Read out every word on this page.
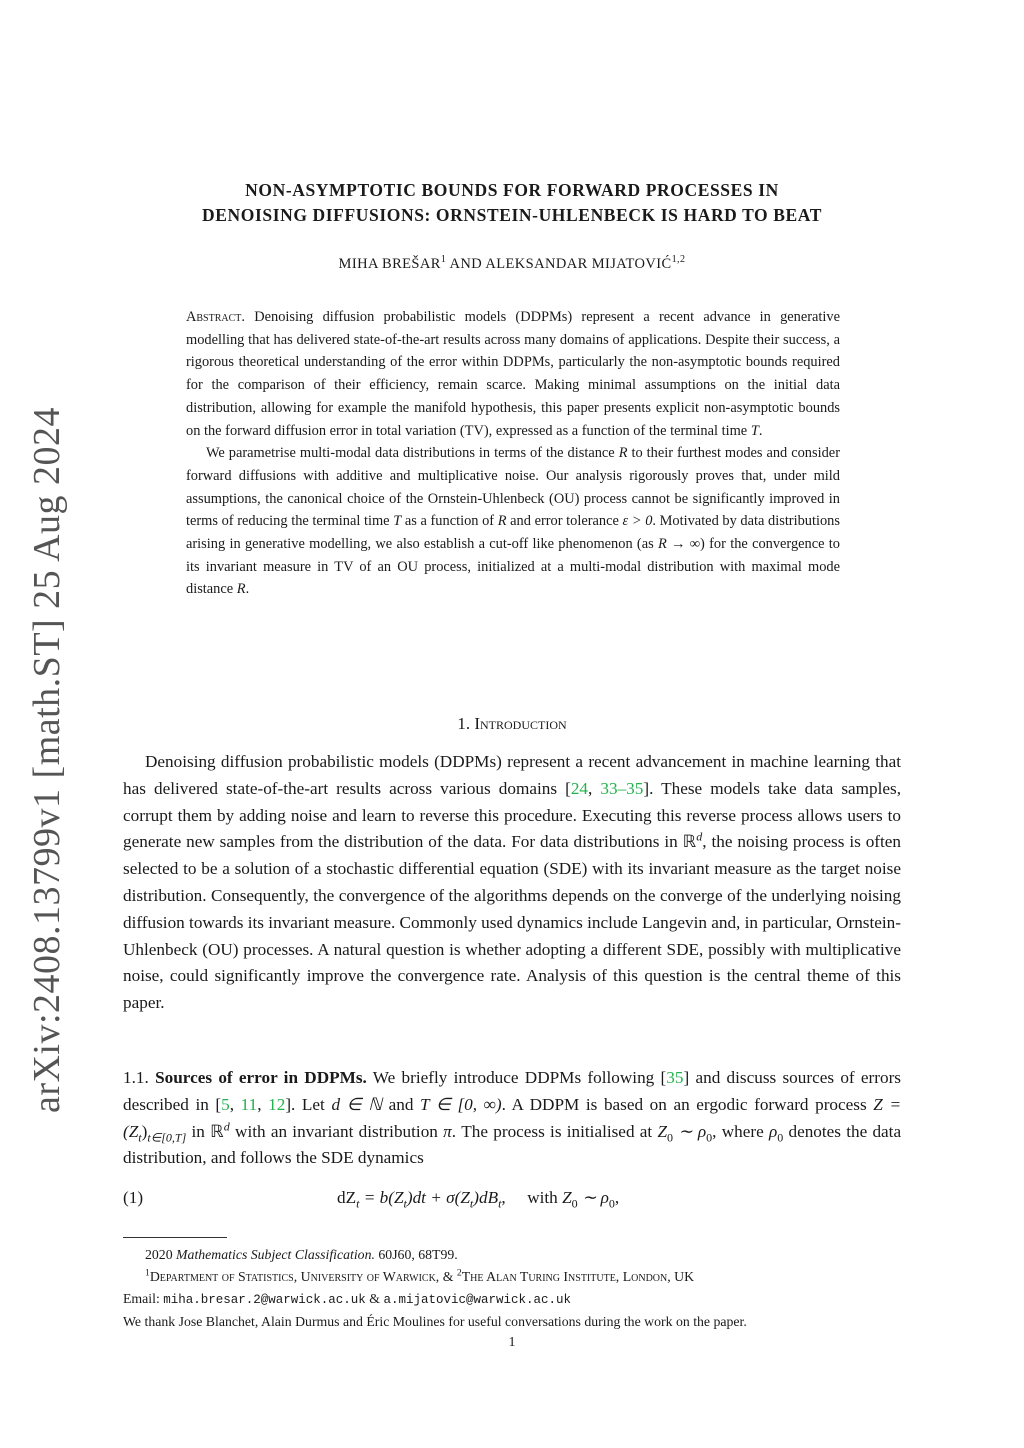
arXiv:2408.13799v1 [math.ST] 25 Aug 2024
NON-ASYMPTOTIC BOUNDS FOR FORWARD PROCESSES IN
DENOISING DIFFUSIONS: ORNSTEIN-UHLENBECK IS HARD TO BEAT
MIHA BREŠAR$^1$ AND ALEKSANDAR MIJATOVIĆ$^{1,2}$

Abstract. Denoising diffusion probabilistic models (DDPMs) represent a recent advance in generative modelling that has delivered state-of-the-art results across many domains of applications. Despite their success, a rigorous theoretical understanding of the error within DDPMs, particularly the non-asymptotic bounds required for the comparison of their efficiency, remain scarce. Making minimal assumptions on the initial data distribution, allowing for example the manifold hypothesis, this paper presents explicit non-asymptotic bounds on the forward diffusion error in total variation (TV), expressed as a function of the terminal time T.

We parametrise multi-modal data distributions in terms of the distance R to their furthest modes and consider forward diffusions with additive and multiplicative noise. Our analysis rigorously proves that, under mild assumptions, the canonical choice of the Ornstein-Uhlenbeck (OU) process cannot be significantly improved in terms of reducing the terminal time T as a function of R and error tolerance ε > 0. Motivated by data distributions arising in generative modelling, we also establish a cut-off like phenomenon (as R → ∞) for the convergence to its invariant measure in TV of an OU process, initialized at a multi-modal distribution with maximal mode distance R.

1. Introduction

Denoising diffusion probabilistic models (DDPMs) represent a recent advancement in machine learning that has delivered state-of-the-art results across various domains [24, 33–35]. These models take data samples, corrupt them by adding noise and learn to reverse this procedure. Executing this reverse process allows users to generate new samples from the distribution of the data. For data distributions in ℝ$^d$, the noising process is often selected to be a solution of a stochastic differential equation (SDE) with its invariant measure as the target noise distribution. Consequently, the convergence of the algorithms depends on the converge of the underlying noising diffusion towards its invariant measure. Commonly used dynamics include Langevin and, in particular, Ornstein-Uhlenbeck (OU) processes. A natural question is whether adopting a different SDE, possibly with multiplicative noise, could significantly improve the convergence rate. Analysis of this question is the central theme of this paper.

1.1. Sources of error in DDPMs. We briefly introduce DDPMs following [35] and discuss sources of errors described in [5, 11, 12]. Let d ∈ ℕ and T ∈ [0, ∞). A DDPM is based on an ergodic forward process $Z = (Z_t)_{t\in[0,T]}$ in ℝ$^d$ with an invariant distribution π. The process is initialised at $Z_0$ ∼ $\rho_0$, where $\rho_0$ denotes the data distribution, and follows the SDE dynamics

(1)	$dZ_t = b(Z_t)dt + \sigma(Z_t)dB_t$, with $Z_0$ ∼ $\rho_0$,
2020 Mathematics Subject Classification. 60J60, 68T99.
$^1$Department of Statistics, University of Warwick, & $^2$The Alan Turing Institute, London, UK
Email: miha.bresar.2@warwick.ac.uk & a.mijatovic@warwick.ac.uk
We thank Jose Blanchet, Alain Durmus and Éric Moulines for useful conversations during the work on the paper.
1
